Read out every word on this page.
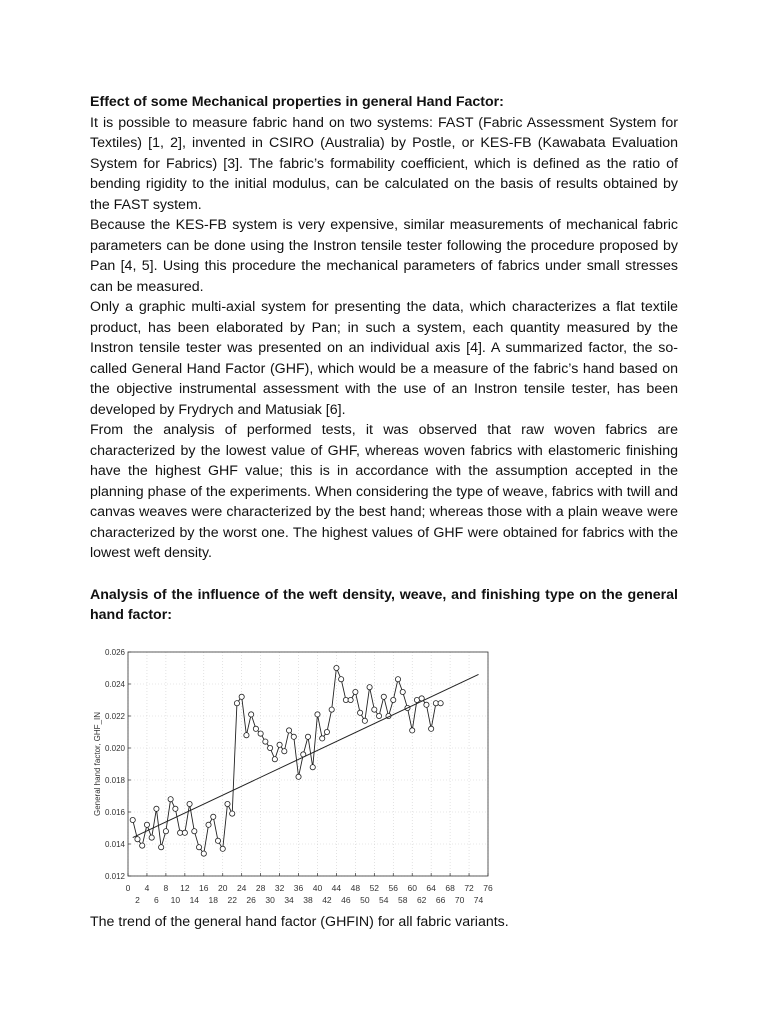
Effect of some Mechanical properties in general Hand Factor:

It is possible to measure fabric hand on two systems: FAST (Fabric Assessment System for Textiles) [1, 2], invented in CSIRO (Australia) by Postle, or KES-FB (Kawabata Evaluation System for Fabrics) [3]. The fabric’s formability coefficient, which is defined as the ratio of bending rigidity to the initial modulus, can be calculated on the basis of results obtained by the FAST system.

Because the KES-FB system is very expensive, similar measurements of mechanical fabric parameters can be done using the Instron tensile tester following the procedure proposed by Pan [4, 5]. Using this procedure the mechanical parameters of fabrics under small stresses can be measured.

Only a graphic multi-axial system for presenting the data, which characterizes a flat textile product, has been elaborated by Pan; in such a system, each quantity measured by the Instron tensile tester was presented on an individual axis [4]. A summarized factor, the so-called General Hand Factor (GHF), which would be a measure of the fabric’s hand based on the objective instrumental assessment with the use of an Instron tensile tester, has been developed by Frydrych and Matusiak [6].

From the analysis of performed tests, it was observed that raw woven fabrics are characterized by the lowest value of GHF, whereas woven fabrics with elastomeric finishing have the highest GHF value; this is in accordance with the assumption accepted in the planning phase of the experiments. When considering the type of weave, fabrics with twill and canvas weaves were characterized by the best hand; whereas those with a plain weave were characterized by the worst one. The highest values of GHF were obtained for fabrics with the lowest weft density.

Analysis of the influence of the weft density, weave, and finishing type on the general hand factor:

0.012
0.014
0.016
0.018
0.020
0.022
0.024
0.026
0 4 8 12 16 20 24 28 32 36 40 44 48 52 56 60 64 68 72 76
2 6 10 14 18 22 26 30 34 38 42 46 50 54 58 62 66 70 74
General hand factor, GHF_IN
The trend of the general hand factor (GHFIN) for all fabric variants.
